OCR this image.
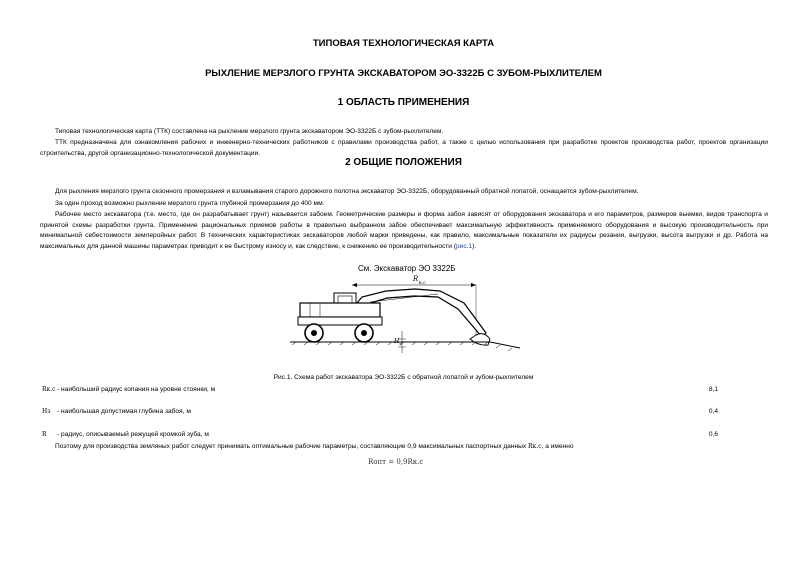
ТИПОВАЯ ТЕХНОЛОГИЧЕСКАЯ КАРТА
РЫХЛЕНИЕ МЕРЗЛОГО ГРУНТА ЭКСКАВАТОРОМ ЭО-3322Б С ЗУБОМ-РЫХЛИТЕЛЕМ
1 ОБЛАСТЬ ПРИМЕНЕНИЯ

Типовая технологическая карта (ТТК) составлена на рыхление мерзлого грунта экскаватором ЭО-3322Б с зубом-рыхлителем.

ТТК предназначена для ознакомления рабочих и инженерно-технических работников с правилами производства работ, а также с целью использования при разработке проектов производства работ, проектов организации строительства, другой организационно-технологической документации.

2 ОБЩИЕ ПОЛОЖЕНИЯ

Для рыхления мерзлого грунта сезонного промерзания и взламывания старого дорожного полотна экскаватор ЭО-3322Б, оборудованный обратной лопатой, оснащается зубом-рыхлителем.

За один проход возможно рыхление мерзлого грунта глубиной промерзания до 400 мм.

Рабочее место экскаватора (т.е. место, где он разрабатывает грунт) называется забоем. Геометрические размеры и форма забоя зависят от оборудования экскаватора и его параметров, размеров выемки, видов транспорта и принятой схемы разработки грунта. Применение рациональных приемов работы в правильно выбранном забое обеспечивает максимальную эффективность применяемого оборудования и высокую производительность при минимальной себестоимости землеройных работ. В технических характеристиках экскаваторов любой марки приведены, как правило, максимальные показатели их радиусы резания, выгрузки, высота выгрузки и др. Работа на максимальных для данной машины параметрах приводит к ее быстрому износу и, как следствие, к снижению ее производительности (рис.1).

См. Экскаватор ЭО 3322Б
R
к.с
H з
Рис.1. Схема работ экскаватора ЭО-3322Б с обратной лопатой и зубом-рыхлителем
Rк.с - наибольший радиус копания на уровне стоянки, м	8,1
Hз - наибольшая допустимая глубина забоя, м	0,4
R - радиус, описываемый режущей кромкой зуба, м	0,6

Поэтому для производства земляных работ следует принимать оптимальные рабочие параметры, составляющие 0,9 максимальных паспортных данных Rк.с, а именно

Rопт = 0,9Rк.с
